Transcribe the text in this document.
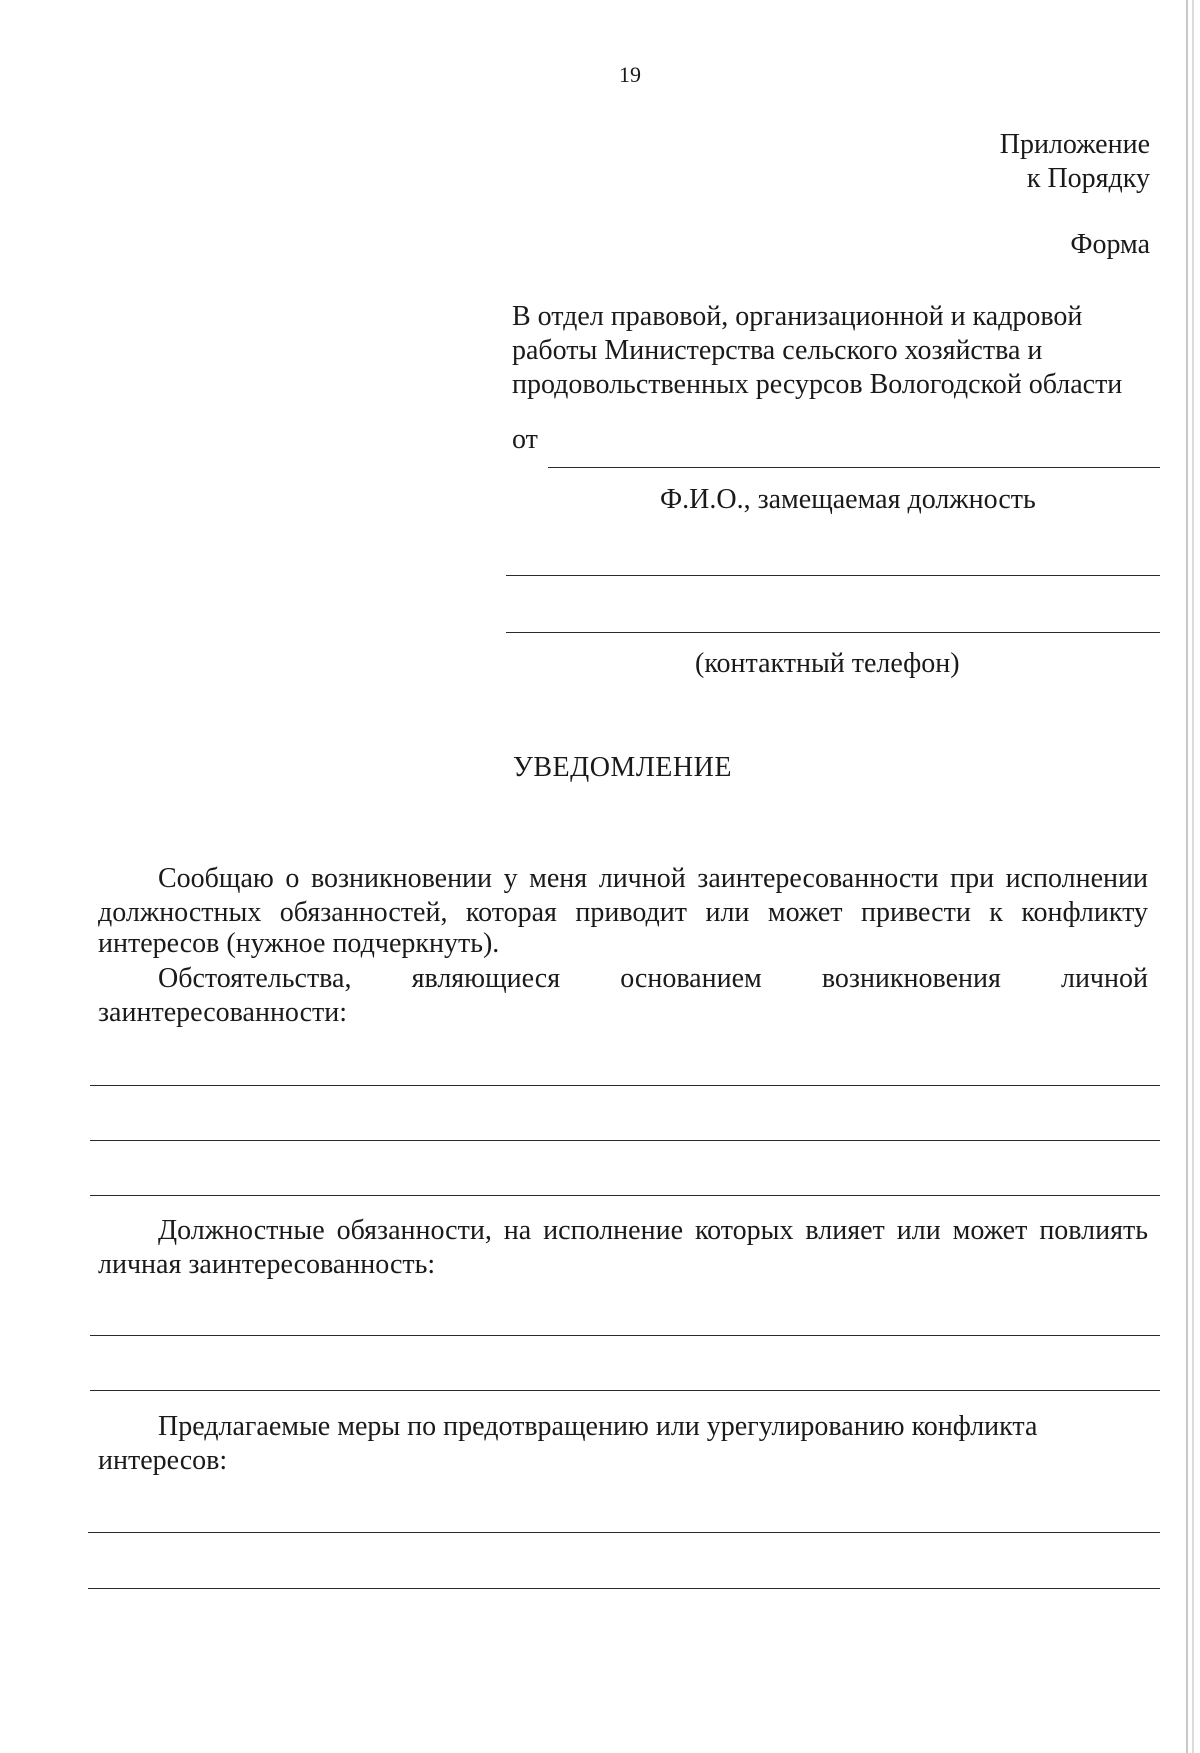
19
Приложение
к Порядку
Форма
В отдел правовой, организационной и кадровой
работы Министерства сельского хозяйства и
продовольственных ресурсов Вологодской области
от
Ф.И.О., замещаемая должность
(контактный телефон)
УВЕДОМЛЕНИЕ
Сообщаю о возникновении у меня личной заинтересованности при исполнении
должностных обязанностей, которая приводит или может привести к конфликту
интересов (нужное подчеркнуть).
Обстоятельства, являющиеся основанием возникновения личной
заинтересованности:
Должностные обязанности, на исполнение которых влияет или может повлиять
личная заинтересованность:
Предлагаемые меры по предотвращению или урегулированию конфликта
интересов:
